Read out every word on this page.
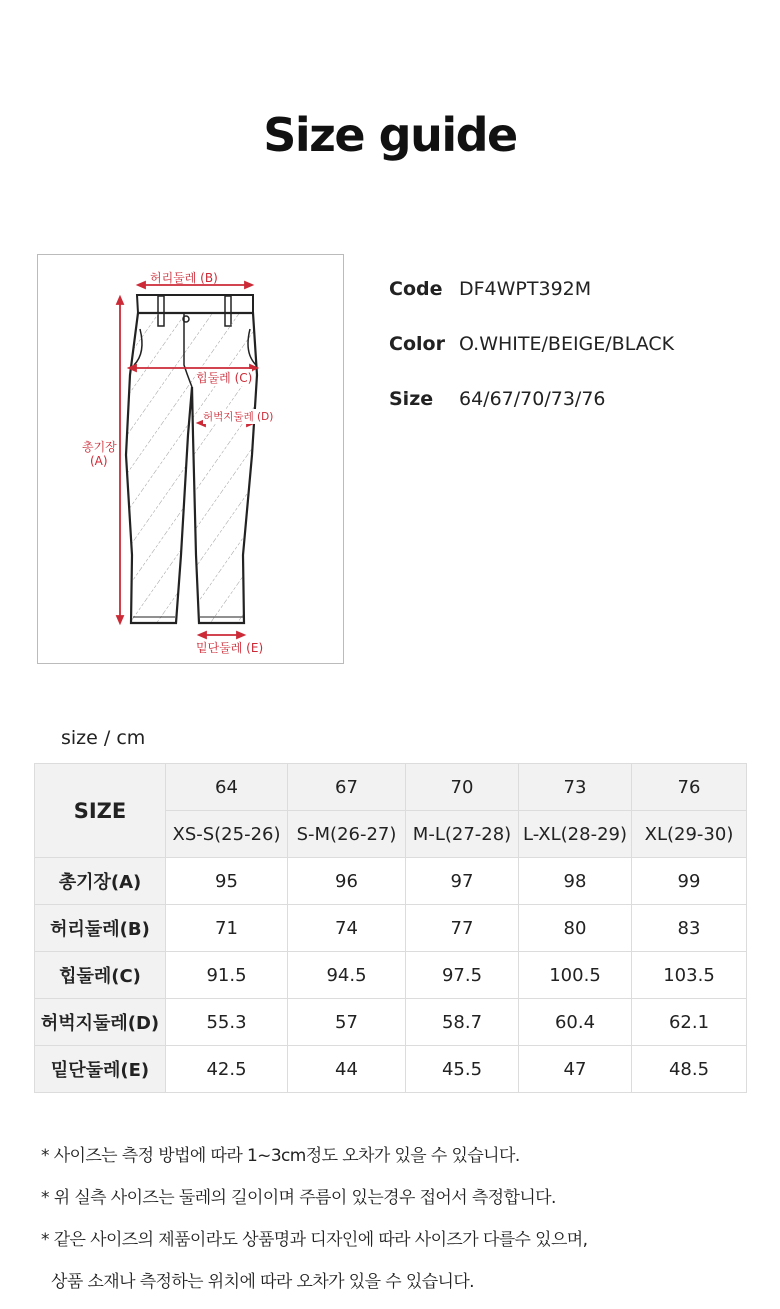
Size guide
허리둘레 (B)
힙둘레 (C)
허벅지둘레 (D)
총기장
(A)
밑단둘레 (E)
Code DF4WPT392M
Color O.WHITE/BEIGE/BLACK
Size 64/67/70/73/76
size / cm
SIZE	64	67	70	73	76
	XS-S(25-26)	S-M(26-27)	M-L(27-28)	L-XL(28-29)	XL(29-30)
총기장(A)	95	96	97	98	99
허리둘레(B)	71	74	77	80	83
힙둘레(C)	91.5	94.5	97.5	100.5	103.5
허벅지둘레(D)	55.3	57	58.7	60.4	62.1
밑단둘레(E)	42.5	44	45.5	47	48.5
* 사이즈는 측정 방법에 따라 1~3cm정도 오차가 있을 수 있습니다.
* 위 실측 사이즈는 둘레의 길이이며 주름이 있는경우 접어서 측정합니다.
* 같은 사이즈의 제품이라도 상품명과 디자인에 따라 사이즈가 다를수 있으며,
상품 소재나 측정하는 위치에 따라 오차가 있을 수 있습니다.
